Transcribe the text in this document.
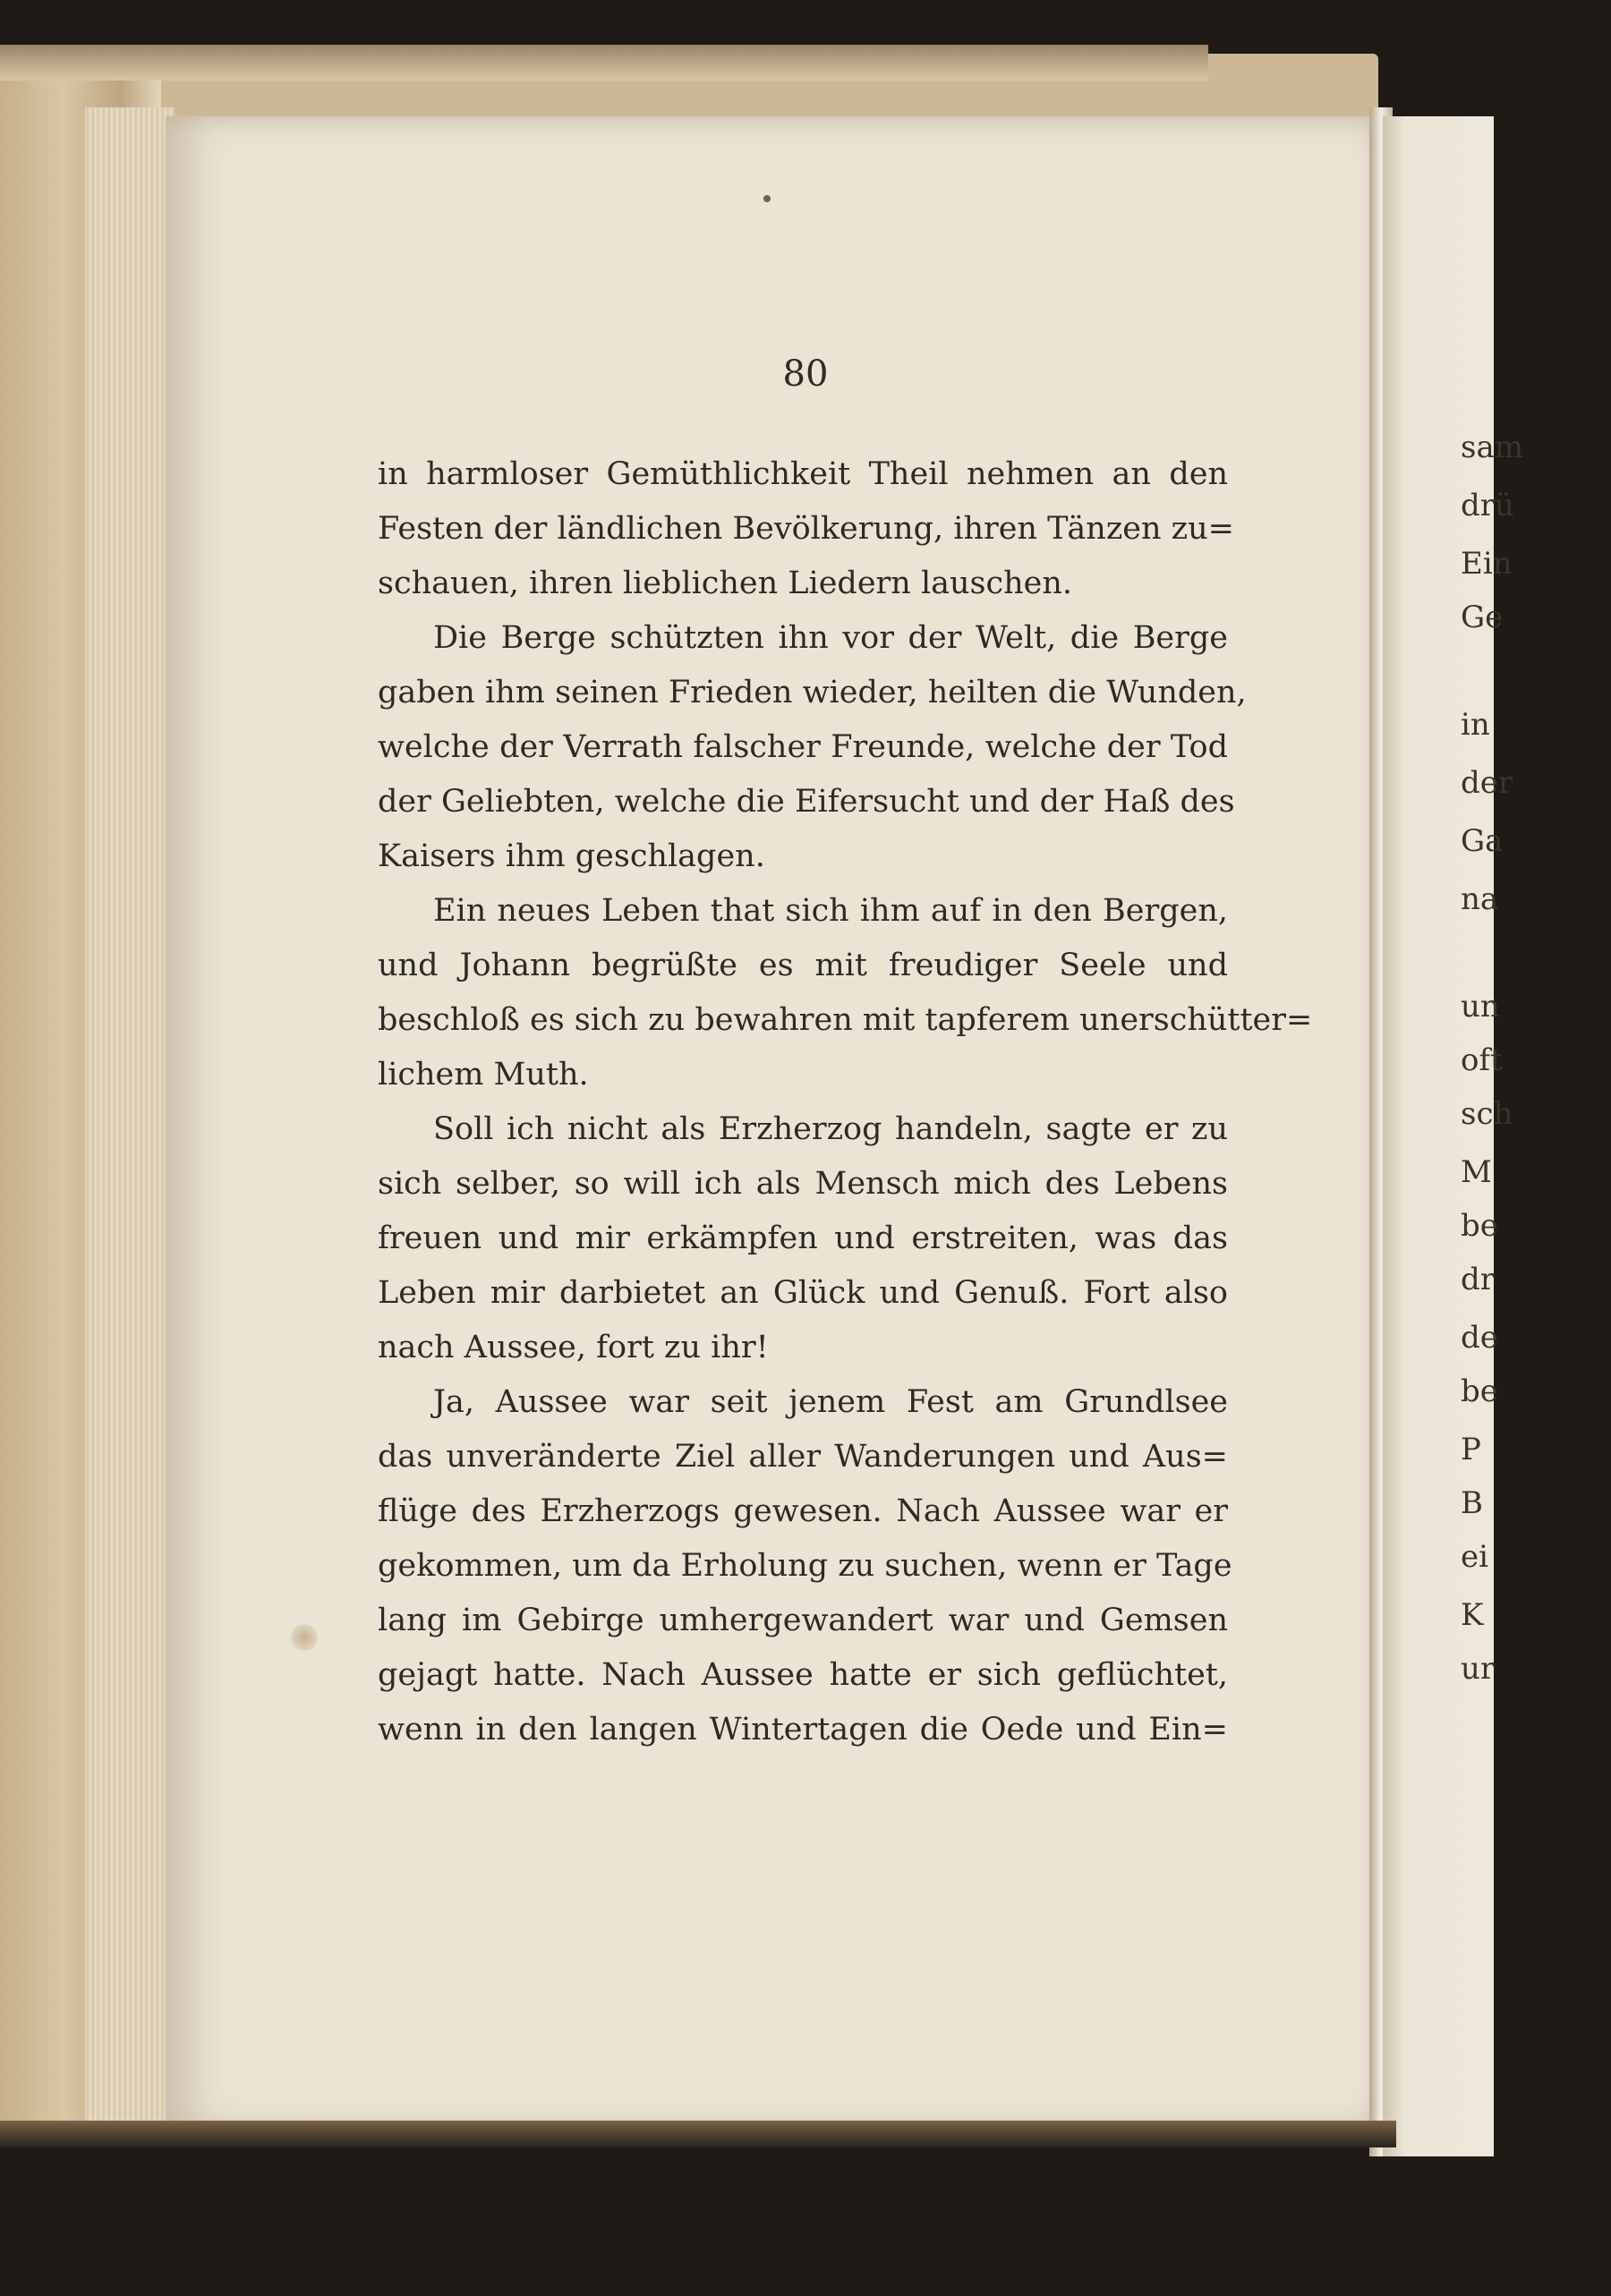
sam
drü
Ein
Ge
in
der
Ga
na
un
oft
sch
M
be
dr
de
be
P
B
ei
K
ur
80
in harmloser Gemüthlichkeit Theil nehmen an den
Festen der ländlichen Bevölkerung, ihren Tänzen zu=
schauen, ihren lieblichen Liedern lauschen.
Die Berge schützten ihn vor der Welt, die Berge
gaben ihm seinen Frieden wieder, heilten die Wunden,
welche der Verrath falscher Freunde, welche der Tod
der Geliebten, welche die Eifersucht und der Haß des
Kaisers ihm geschlagen.
Ein neues Leben that sich ihm auf in den Bergen,
und Johann begrüßte es mit freudiger Seele und
beschloß es sich zu bewahren mit tapferem unerschütter=
lichem Muth.
Soll ich nicht als Erzherzog handeln, sagte er zu
sich selber, so will ich als Mensch mich des Lebens
freuen und mir erkämpfen und erstreiten, was das
Leben mir darbietet an Glück und Genuß. Fort also
nach Aussee, fort zu ihr!
Ja, Aussee war seit jenem Fest am Grundlsee
das unveränderte Ziel aller Wanderungen und Aus=
flüge des Erzherzogs gewesen. Nach Aussee war er
gekommen, um da Erholung zu suchen, wenn er Tage
lang im Gebirge umhergewandert war und Gemsen
gejagt hatte. Nach Aussee hatte er sich geflüchtet,
wenn in den langen Wintertagen die Oede und Ein=
